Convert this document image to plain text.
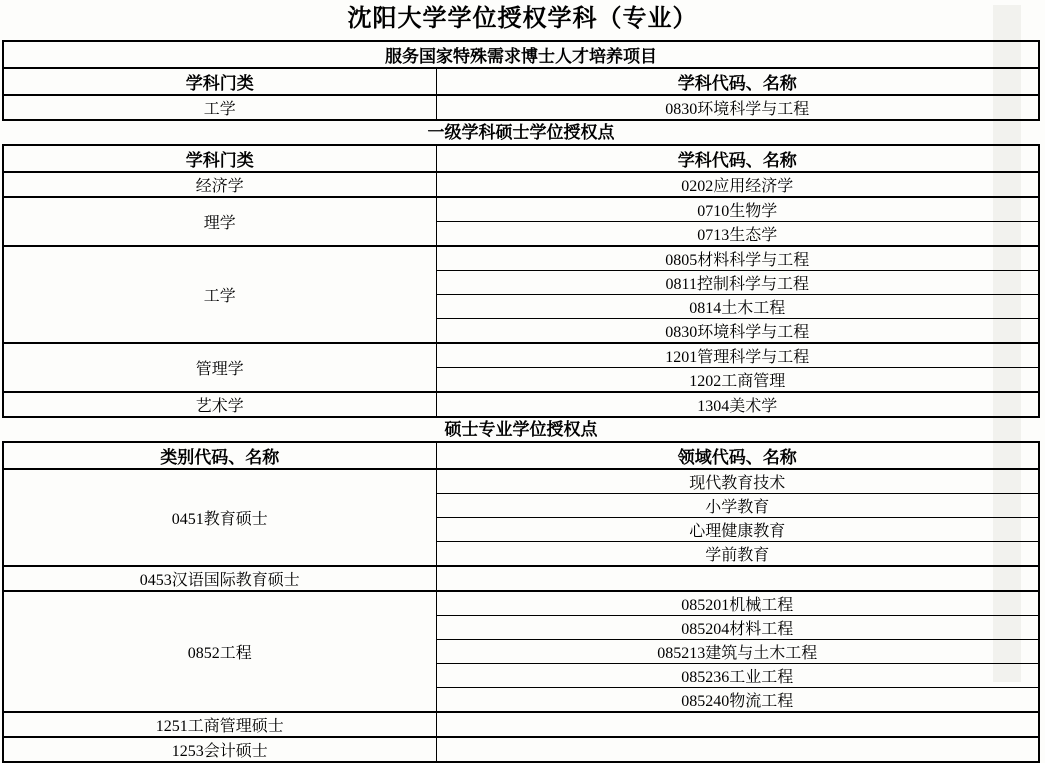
沈阳大学学位授权学科（专业）
服务国家特殊需求博士人才培养项目	
学科门类	学科代码、名称
工学	0830环境科学与工程
一级学科硕士学位授权点
学科门类	学科代码、名称
经济学	0202应用经济学
理学	0710生物学
	0713生态学
工学	0805材料科学与工程
	0811控制科学与工程
	0814土木工程
	0830环境科学与工程
管理学	1201管理科学与工程
	1202工商管理
艺术学	1304美术学
硕士专业学位授权点
类别代码、名称	领域代码、名称
0451教育硕士	现代教育技术
	小学教育
	心理健康教育
	学前教育
0453汉语国际教育硕士	
0852工程	085201机械工程
	085204材料工程
	085213建筑与土木工程
	085236工业工程
	085240物流工程
1251工商管理硕士	
1253会计硕士	
